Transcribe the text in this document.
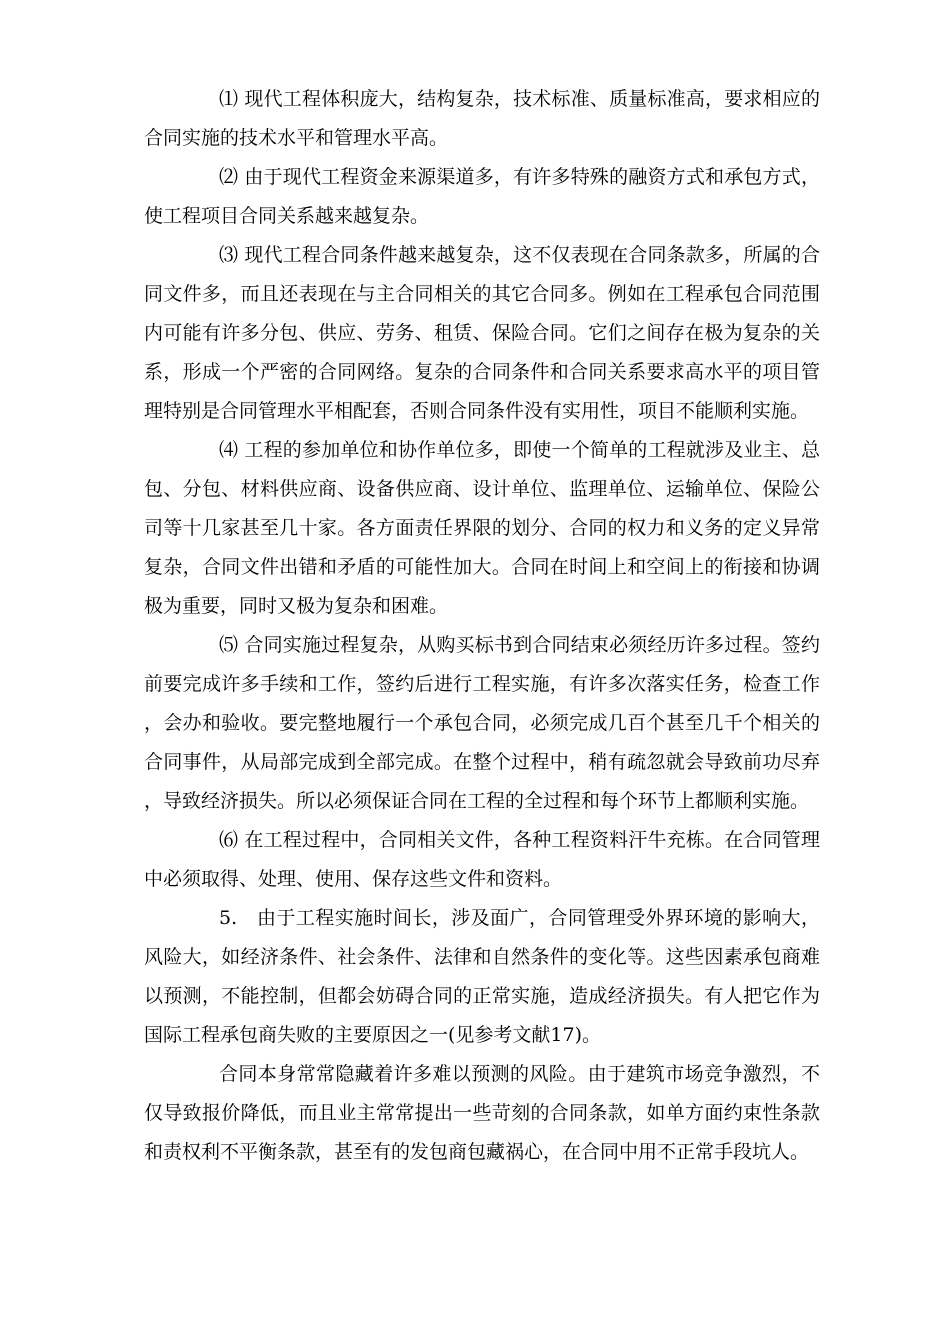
⑴ 现代工程体积庞大，结构复杂，技术标准、质量标准高，要求相应的合同实施的技术水平和管理水平高。

⑵ 由于现代工程资金来源渠道多，有许多特殊的融资方式和承包方式， 使工程项目合同关系越来越复杂。

⑶ 现代工程合同条件越来越复杂，这不仅表现在合同条款多，所属的合同文件多，而且还表现在与主合同相关的其它合同多。例如在工程承包合同范围内可能有许多分包、供应、劳务、租赁、保险合同。它们之间存在极为复杂的关系，形成一个严密的合同网络。复杂的合同条件和合同关系要求高水平的项目管理特别是合同管理水平相配套，否则合同条件没有实用性，项目不能顺利实施。

⑷ 工程的参加单位和协作单位多，即使一个简单的工程就涉及业主、总包、分包、材料供应商、设备供应商、设计单位、监理单位、运输单位、保险公司等十几家甚至几十家。各方面责任界限的划分、合同的权力和义务的定义异常复杂，合同文件出错和矛盾的可能性加大。合同在时间上和空间上的衔接和协调极为重要，同时又极为复杂和困难。

⑸ 合同实施过程复杂，从购买标书到合同结束必须经历许多过程。签约前要完成许多手续和工作，签约后进行工程实施，有许多次落实任务，检查工作，会办和验收。要完整地履行一个承包合同，必须完成几百个甚至几千个相关的合同事件，从局部完成到全部完成。在整个过程中，稍有疏忽就会导致前功尽弃，导致经济损失。所以必须保证合同在工程的全过程和每个环节上都顺利实施。

⑹ 在工程过程中，合同相关文件，各种工程资料汗牛充栋。在合同管理中必须取得、处理、使用、保存这些文件和资料。

5.　由于工程实施时间长，涉及面广，合同管理受外界环境的影响大，风险大，如经济条件、社会条件、法律和自然条件的变化等。这些因素承包商难以预测，不能控制，但都会妨碍合同的正常实施，造成经济损失。有人把它作为国际工程承包商失败的主要原因之一(见参考文献17)。

合同本身常常隐藏着许多难以预测的风险。由于建筑市场竞争激烈，不仅导致报价降低，而且业主常常提出一些苛刻的合同条款，如单方面约束性条款和责权利不平衡条款，甚至有的发包商包藏祸心，在合同中用不正常手段坑人。
